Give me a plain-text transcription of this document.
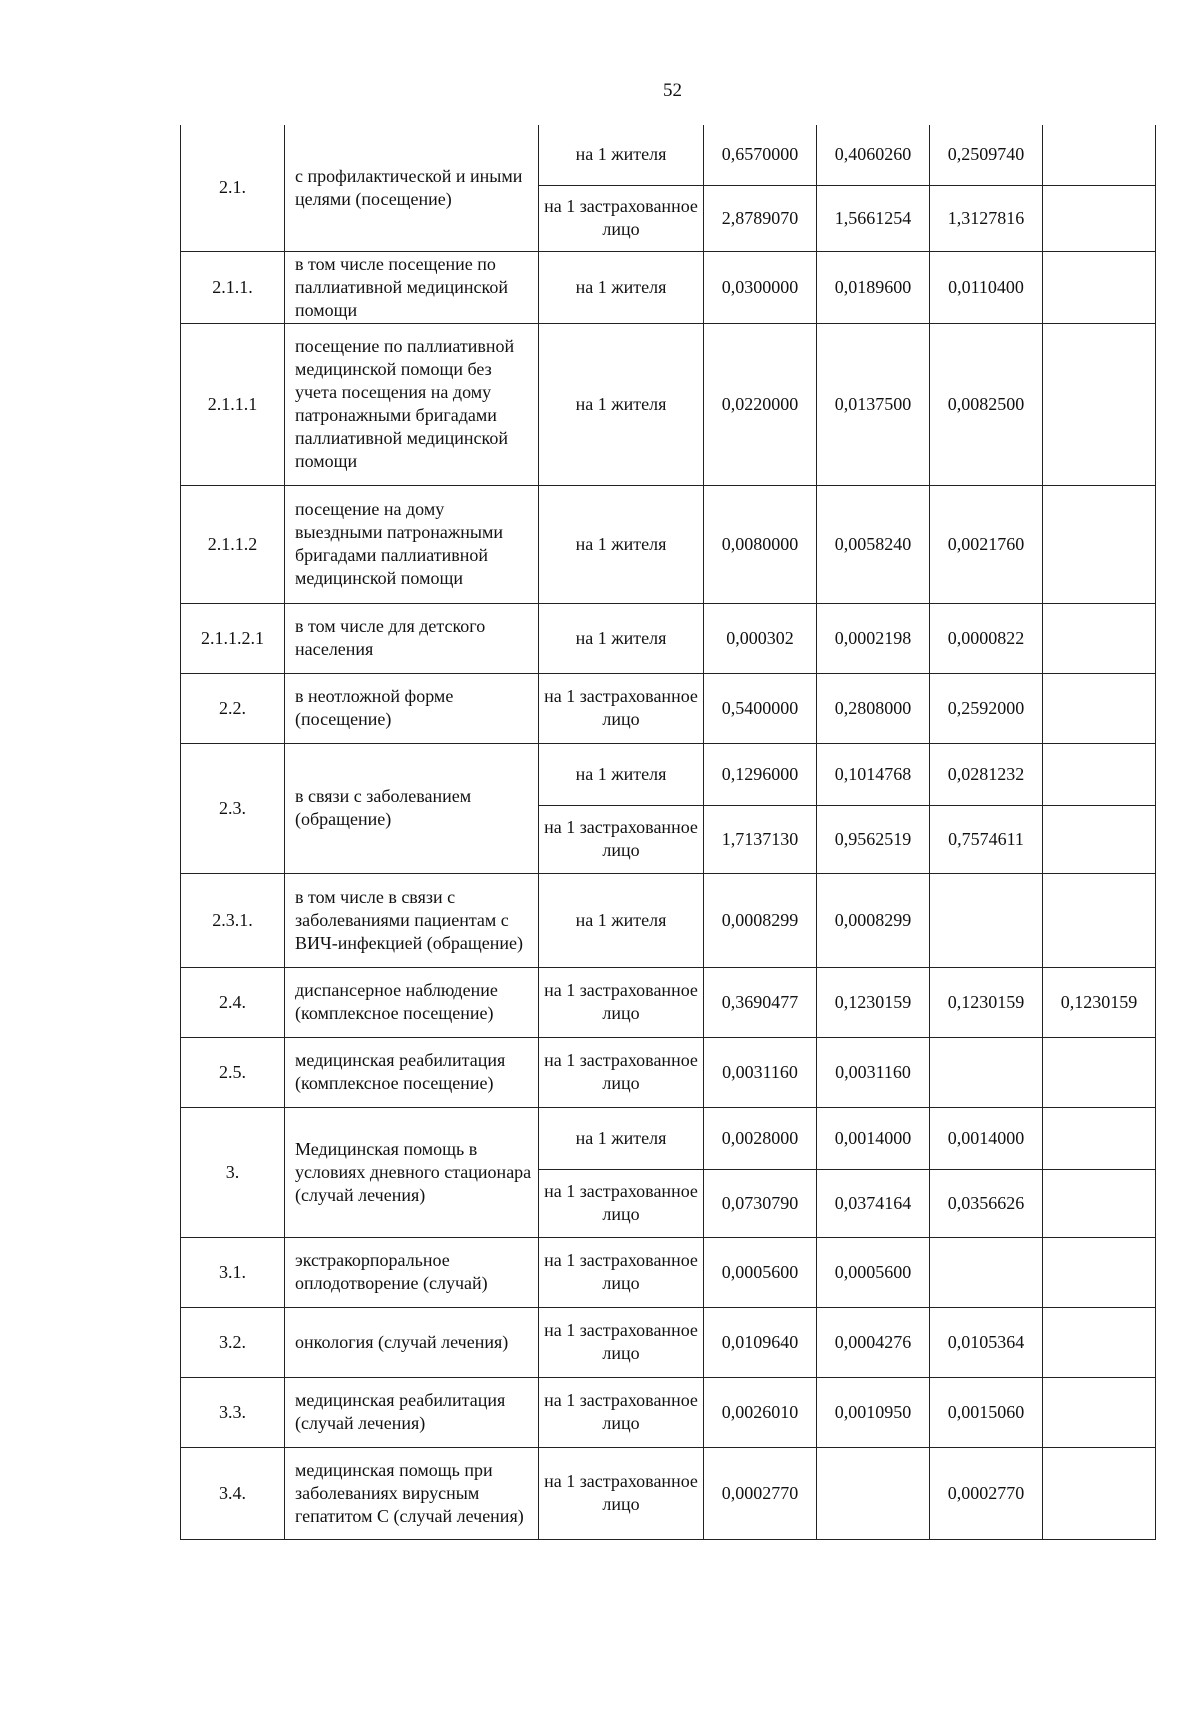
52
2.1.	с профилактической и иными целями (посещение)	на 1 жителя	0,6570000	0,4060260	0,2509740	
		на 1 застрахованное лицо	2,8789070	1,5661254	1,3127816	
2.1.1.	в том числе посещение по паллиативной медицинской помощи	на 1 жителя	0,0300000	0,0189600	0,0110400	
2.1.1.1	посещение по паллиативной медицинской помощи без учета посещения на дому патронажными бригадами паллиативной медицинской помощи	на 1 жителя	0,0220000	0,0137500	0,0082500	
2.1.1.2	посещение на дому выездными патронажными бригадами паллиативной медицинской помощи	на 1 жителя	0,0080000	0,0058240	0,0021760	
2.1.1.2.1	в том числе для детского населения	на 1 жителя	0,000302	0,0002198	0,0000822	
2.2.	в неотложной форме (посещение)	на 1 застрахованное лицо	0,5400000	0,2808000	0,2592000	
2.3.	в связи с заболеванием (обращение)	на 1 жителя	0,1296000	0,1014768	0,0281232	
		на 1 застрахованное лицо	1,7137130	0,9562519	0,7574611	
2.3.1.	в том числе в связи с заболеваниями пациентам с ВИЧ-инфекцией (обращение)	на 1 жителя	0,0008299	0,0008299		
2.4.	диспансерное наблюдение (комплексное посещение)	на 1 застрахованное лицо	0,3690477	0,1230159	0,1230159	0,1230159
2.5.	медицинская реабилитация (комплексное посещение)	на 1 застрахованное лицо	0,0031160	0,0031160		
3.	Медицинская помощь в условиях дневного стационара (случай лечения)	на 1 жителя	0,0028000	0,0014000	0,0014000	
		на 1 застрахованное лицо	0,0730790	0,0374164	0,0356626	
3.1.	экстракорпоральное оплодотворение (случай)	на 1 застрахованное лицо	0,0005600	0,0005600		
3.2.	онкология (случай лечения)	на 1 застрахованное лицо	0,0109640	0,0004276	0,0105364	
3.3.	медицинская реабилитация (случай лечения)	на 1 застрахованное лицо	0,0026010	0,0010950	0,0015060	
3.4.	медицинская помощь при заболеваниях вирусным гепатитом С (случай лечения)	на 1 застрахованное лицо	0,0002770		0,0002770	
